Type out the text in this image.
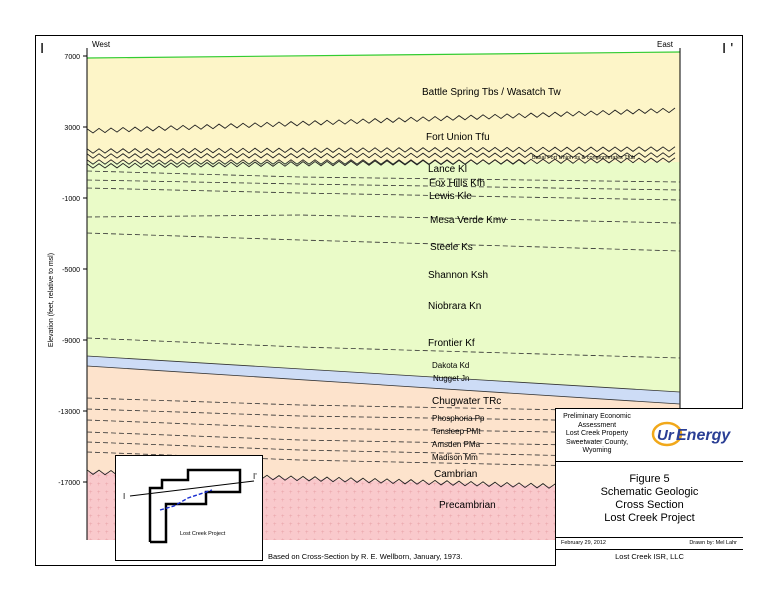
7000
3000
-1000
-5000
-9000
-13000
-17000
Elevation (feet, relative to msl)
I	I '
West	East
Battle Spring Tbs / Wasatch Tw
Fort Union Tfu
Basal Fort Union ss & conglomerates Tfub
Lance Kl
Fox Hills Kfh
Lewis Kle
Mesa Verde Kmv
Steele Ks
Shannon Ksh
Niobrara Kn
Frontier Kf
Dakota Kd
Nugget Jn
Chugwater TRc
Phosphoria Pp
Tensleep PMt
Amsden PMa
Madison Mm
Cambrian
Precambrian
I
I'
Lost Creek Project
Based on Cross-Section by R. E. Wellborn, January, 1973.
Preliminary Economic
Assessment
Lost Creek Property
Sweetwater County,
Wyoming
Ur Energy
Figure 5
Schematic Geologic
Cross Section
Lost Creek Project
February 29, 2012	Drawn by: Mel Lahr
Lost Creek ISR, LLC
